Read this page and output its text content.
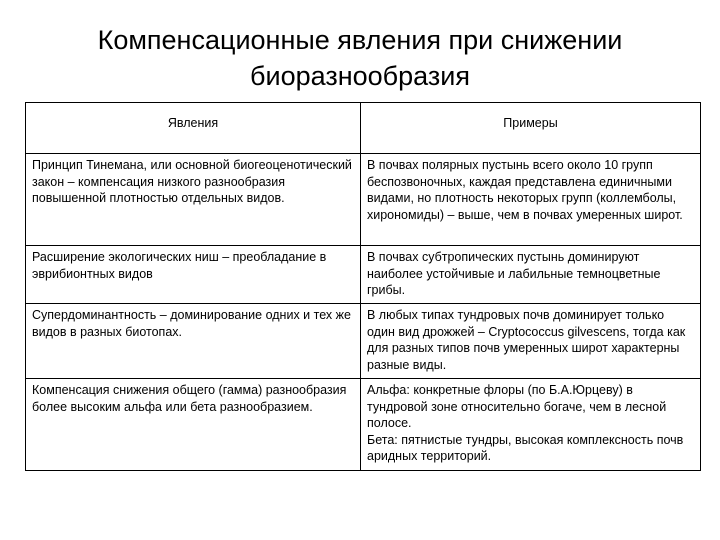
Компенсационные явления при снижении
биоразнообразия
Явления	Примеры
Принцип Тинемана, или основной биогеоценотический закон – компенсация низкого разнообразия повышенной плотностью отдельных видов.	В почвах полярных пустынь всего около 10 групп беспозвоночных, каждая представлена единичными видами, но плотность некоторых групп (коллемболы, хирономиды) – выше, чем в почвах умеренных широт.
Расширение экологических ниш – преобладание в эврибионтных видов	В почвах субтропических пустынь доминируют наиболее устойчивые и лабильные темноцветные грибы.
Супердоминантность – доминирование одних и тех же видов в разных биотопах.	В любых типах тундровых почв доминирует только один вид дрожжей – Cryptococcus gilvescens, тогда как для разных типов почв умеренных широт характерны разные виды.
Компенсация снижения общего (гамма) разнообразия более высоким альфа или бета разнообразием.	Альфа: конкретные флоры (по Б.А.Юрцеву) в тундровой зоне относительно богаче, чем в лесной полосе.
Бета: пятнистые тундры, высокая комплексность почв аридных территорий.
